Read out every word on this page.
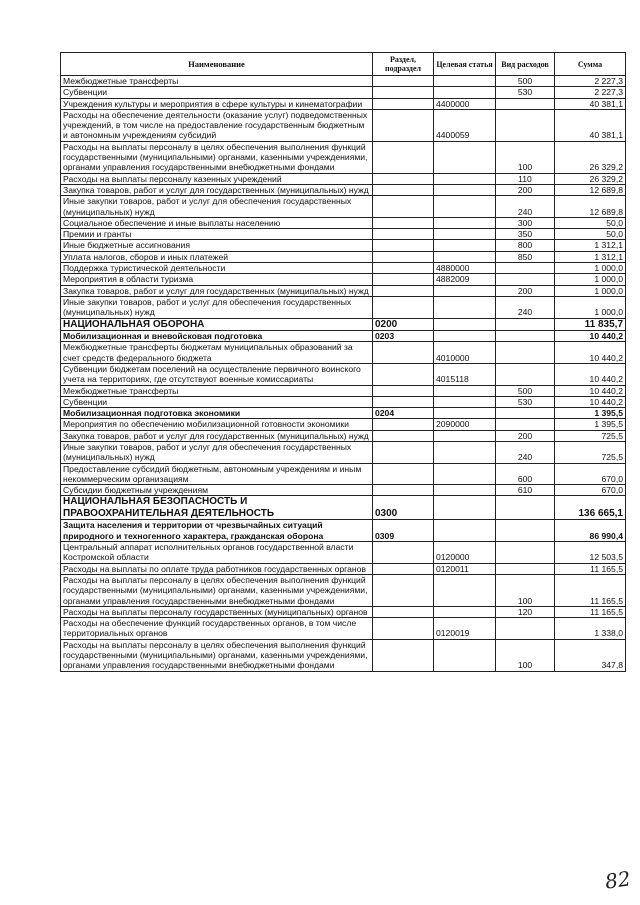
Наименование	Раздел, подраздел	Целевая статья	Вид расходов	Сумма
Межбюджетные трансферты			500	2 227,3
Субвенции			530	2 227,3
Учреждения культуры и мероприятия в сфере культуры и кинематографии		4400000		40 381,1
Расходы на обеспечение деятельности (оказание услуг) подведомственных учреждений, в том числе на предоставление государственным бюджетным и автономным учреждениям субсидий		4400059		40 381,1
Расходы на выплаты персоналу в целях обеспечения выполнения функций государственными (муниципальными) органами, казенными учреждениями, органами управления государственными внебюджетными фондами			100	26 329,2
Расходы на выплаты персоналу казенных учреждений			110	26 329,2
Закупка товаров, работ и услуг для государственных (муниципальных) нужд			200	12 689,8
Иные закупки товаров, работ и услуг для обеспечения государственных (муниципальных) нужд			240	12 689,8
Социальное обеспечение и иные выплаты населению			300	50,0
Премии и гранты			350	50,0
Иные бюджетные ассигнования			800	1 312,1
Уплата налогов, сборов и иных платежей			850	1 312,1
Поддержка туристической деятельности		4880000		1 000,0
Мероприятия в области туризма		4882009		1 000,0
Закупка товаров, работ и услуг для государственных (муниципальных) нужд			200	1 000,0
Иные закупки товаров, работ и услуг для обеспечения государственных (муниципальных) нужд			240	1 000,0
НАЦИОНАЛЬНАЯ ОБОРОНА	0200			11 835,7
Мобилизационная и вневойсковая подготовка	0203			10 440,2
Межбюджетные трансферты бюджетам муниципальных образований за счет средств федерального бюджета		4010000		10 440,2
Субвенции бюджетам поселений на осуществление первичного воинского учета на территориях, где отсутствуют военные комиссариаты		4015118		10 440,2
Межбюджетные трансферты			500	10 440,2
Субвенции			530	10 440,2
Мобилизационная подготовка экономики	0204			1 395,5
Мероприятия по обеспечению мобилизационной готовности экономики		2090000		1 395,5
Закупка товаров, работ и услуг для государственных (муниципальных) нужд			200	725,5
Иные закупки товаров, работ и услуг для обеспечения государственных (муниципальных) нужд			240	725,5
Предоставление субсидий бюджетным, автономным учреждениям и иным некоммерческим организациям			600	670,0
Субсидии бюджетным учреждениям			610	670,0
НАЦИОНАЛЬНАЯ БЕЗОПАСНОСТЬ И ПРАВООХРАНИТЕЛЬНАЯ ДЕЯТЕЛЬНОСТЬ	0300			136 665,1
Защита населения и территории от чрезвычайных ситуаций природного и техногенного характера, гражданская оборона	0309			86 990,4
Центральный аппарат исполнительных органов государственной власти Костромской области		0120000		12 503,5
Расходы на выплаты по оплате труда работников государственных органов		0120011		11 165,5
Расходы на выплаты персоналу в целях обеспечения выполнения функций государственными (муниципальными) органами, казенными учреждениями, органами управления государственными внебюджетными фондами			100	11 165,5
Расходы на выплаты персоналу государственных (муниципальных) органов			120	11 165,5
Расходы на обеспечение функций государственных органов, в том числе территориальных органов		0120019		1 338,0
Расходы на выплаты персоналу в целях обеспечения выполнения функций государственными (муниципальными) органами, казенными учреждениями, органами управления государственными внебюджетными фондами			100	347,8
82
